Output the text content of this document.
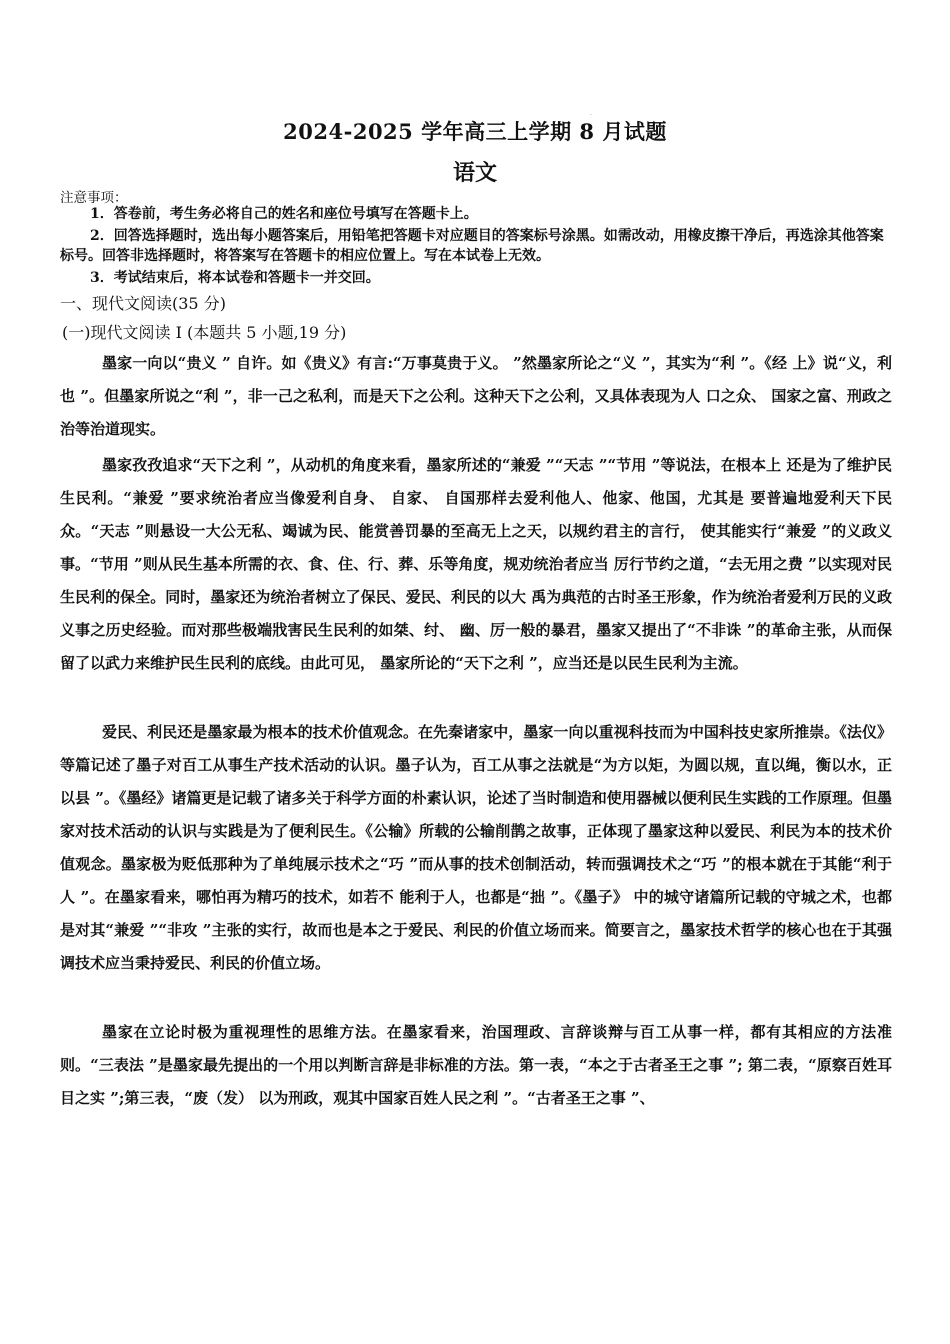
·
2024-2025 学年高三上学期 8 月试题
语文
注意事项：
1．答卷前，考生务必将自己的姓名和座位号填写在答题卡上。
2．回答选择题时，选出每小题答案后，用铅笔把答题卡对应题目的答案标号涂黑。如需改动，用橡皮擦干净后，再选涂其他答案标号。回答非选择题时，将答案写在答题卡的相应位置上。写在本试卷上无效。
3．考试结束后，将本试卷和答题卡一并交回。
一、现代文阅读(35 分)
(一)现代文阅读 Ⅰ (本题共 5 小题,19 分)
墨家一向以“贵义 ” 自许。如《贵义》有言:“万事莫贵于义。 ”然墨家所论之“义 ”，其实为“利 ”。《经 上》说“义，利也 ”。但墨家所说之“利 ”，非一己之私利，而是天下之公利。这种天下之公利，又具体表现为人 口之众、 国家之富、刑政之治等治道现实。
墨家孜孜追求“天下之利 ”，从动机的角度来看，墨家所述的“兼爱 ”“天志 ”“节用 ”等说法，在根本上 还是为了维护民生民利。“兼爱 ”要求统治者应当像爱利自身、 自家、 自国那样去爱利他人、他家、他国，尤其是 要普遍地爱利天下民众。“天志 ”则悬设一大公无私、竭诚为民、能赏善罚暴的至高无上之天，以规约君主的言行， 使其能实行“兼爱 ”的义政义事。“节用 ”则从民生基本所需的衣、食、住、行、葬、乐等角度，规劝统治者应当 厉行节约之道，“去无用之费 ”以实现对民生民利的保全。同时，墨家还为统治者树立了保民、爱民、利民的以大 禹为典范的古时圣王形象，作为统治者爱利万民的义政义事之历史经验。而对那些极端戕害民生民利的如桀、纣、 幽、厉一般的暴君，墨家又提出了“不非诛 ”的革命主张，从而保留了以武力来维护民生民利的底线。由此可见， 墨家所论的“天下之利 ”，应当还是以民生民利为主流。
爱民、利民还是墨家最为根本的技术价值观念。在先秦诸家中，墨家一向以重视科技而为中国科技史家所推崇。《法仪》等篇记述了墨子对百工从事生产技术活动的认识。墨子认为，百工从事之法就是“为方以矩，为圆以规，直以绳，衡以水，正以县 ”。《墨经》诸篇更是记载了诸多关于科学方面的朴素认识，论述了当时制造和使用器械以便利民生实践的工作原理。但墨家对技术活动的认识与实践是为了便利民生。《公输》所载的公输削鹊之故事，正体现了墨家这种以爱民、利民为本的技术价值观念。墨家极为贬低那种为了单纯展示技术之“巧 ”而从事的技术创制活动，转而强调技术之“巧 ”的根本就在于其能“利于人 ”。在墨家看来，哪怕再为精巧的技术，如若不 能利于人，也都是“拙 ”。《墨子》 中的城守诸篇所记载的守城之术，也都是对其“兼爱 ”“非攻 ”主张的实行，故而也是本之于爱民、利民的价值立场而来。简要言之，墨家技术哲学的核心也在于其强调技术应当秉持爱民、利民的价值立场。
墨家在立论时极为重视理性的思维方法。在墨家看来，治国理政、言辞谈辩与百工从事一样，都有其相应的方法准则。“三表法 ”是墨家最先提出的一个用以判断言辞是非标准的方法。第一表，“本之于古者圣王之事 ”; 第二表，“原察百姓耳目之实 ”;第三表，“废（发） 以为刑政，观其中国家百姓人民之利 ”。“古者圣王之事 ”、
